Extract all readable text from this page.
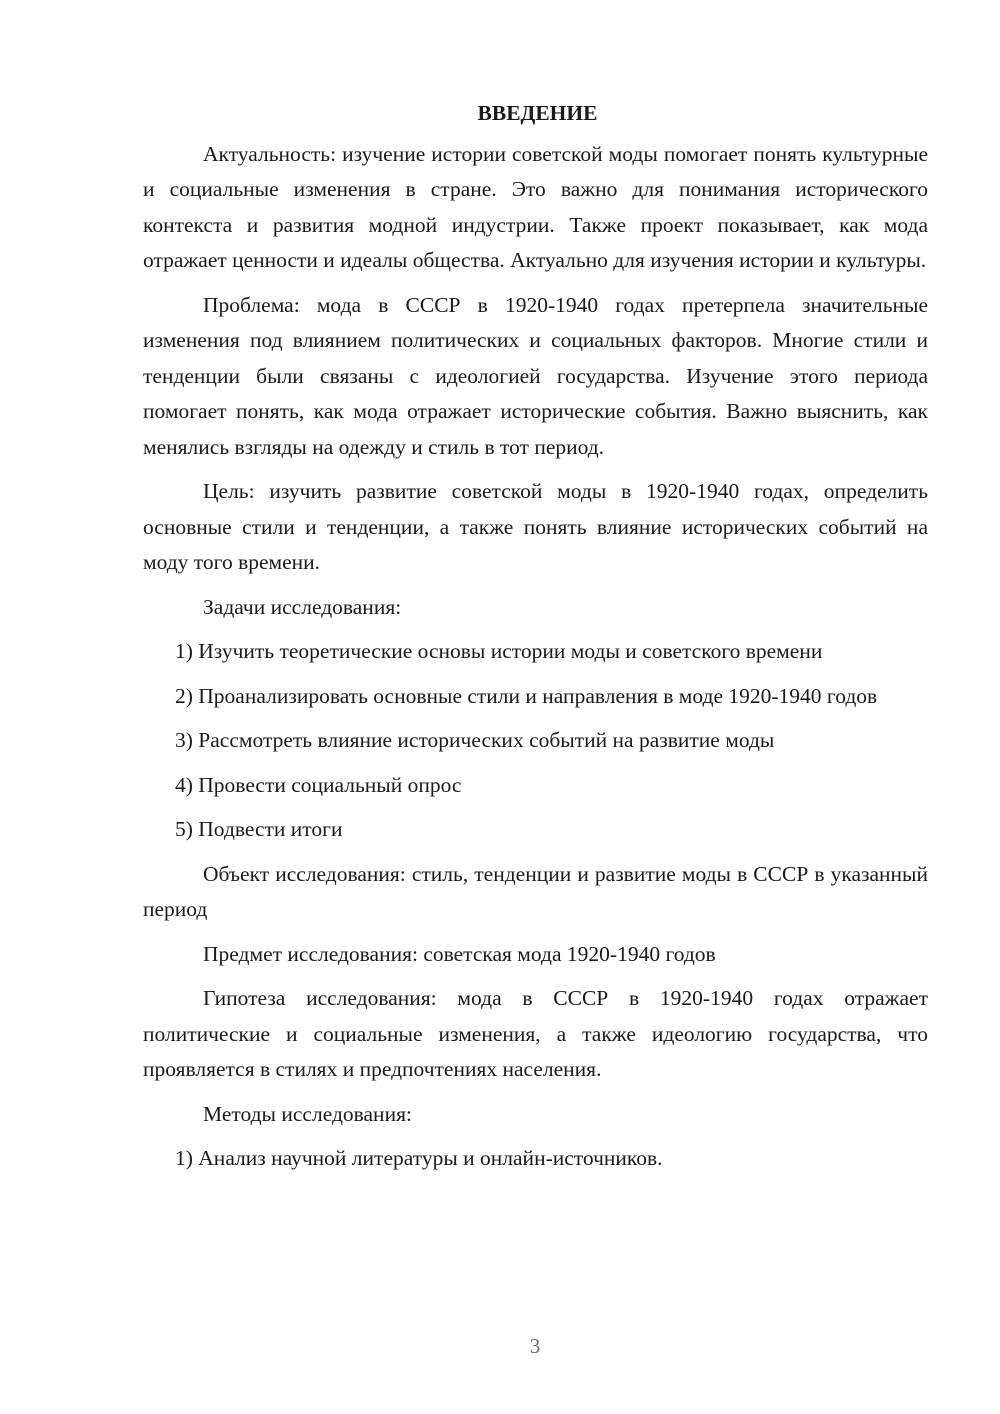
ВВЕДЕНИЕ

Актуальность: изучение истории советской моды помогает понять культурные и социальные изменения в стране. Это важно для понимания исторического контекста и развития модной индустрии. Также проект показывает, как мода отражает ценности и идеалы общества. Актуально для изучения истории и культуры.

Проблема: мода в СССР в 1920-1940 годах претерпела значительные изменения под влиянием политических и социальных факторов. Многие стили и тенденции были связаны с идеологией государства. Изучение этого периода помогает понять, как мода отражает исторические события. Важно выяснить, как менялись взгляды на одежду и стиль в тот период.

Цель: изучить развитие советской моды в 1920-1940 годах, определить основные стили и тенденции, а также понять влияние исторических событий на моду того времени.

Задачи исследования:

1) Изучить теоретические основы истории моды и советского времени

2) Проанализировать основные стили и направления в моде 1920-1940 годов

3) Рассмотреть влияние исторических событий на развитие моды

4) Провести социальный опрос

5) Подвести итоги

Объект исследования: стиль, тенденции и развитие моды в СССР в указанный период

Предмет исследования: советская мода 1920-1940 годов

Гипотеза исследования: мода в СССР в 1920-1940 годах отражает политические и социальные изменения, а также идеологию государства, что проявляется в стилях и предпочтениях населения.

Методы исследования:

1) Анализ научной литературы и онлайн-источников.

3
